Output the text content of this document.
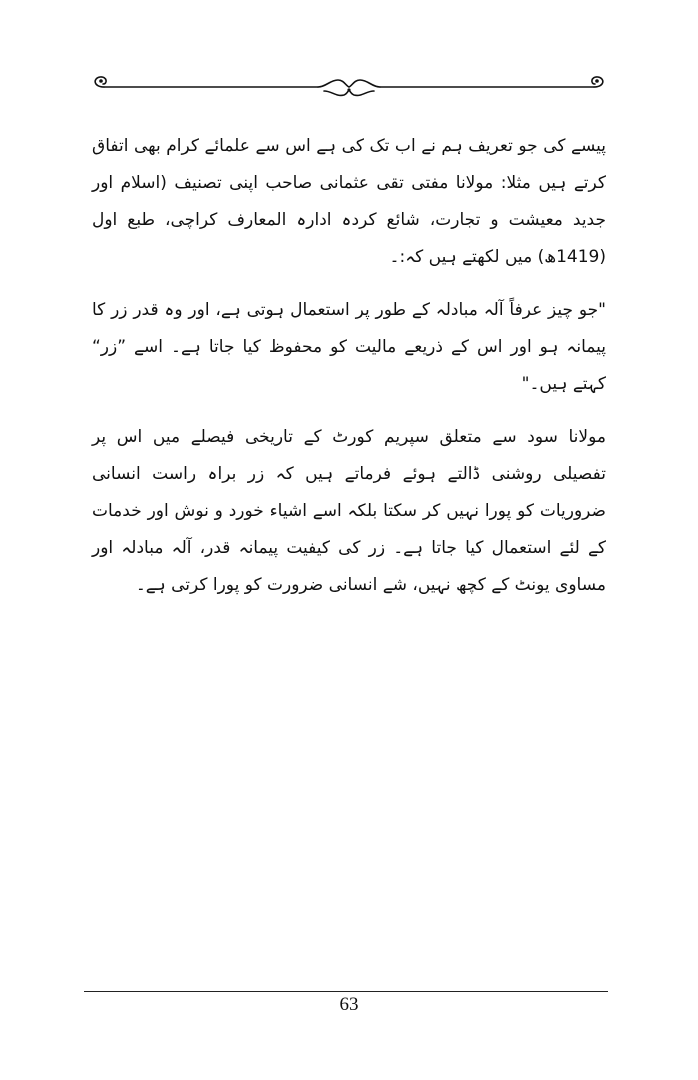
پیسے کی جو تعریف ہم نے اب تک کی ہے اس سے علمائے کرام بھی اتفاق کرتے ہیں مثلا: مولانا مفتی تقی عثمانی صاحب اپنی تصنیف (اسلام اور جدید معیشت و تجارت، شائع کردہ ادارہ المعارف کراچی، طبع اول (1419ھ) میں لکھتے ہیں کہ:۔

"جو چیز عرفاً آلہ مبادلہ کے طور پر استعمال ہوتی ہے، اور وہ قدر زر کا پیمانہ ہو اور اس کے ذریعے مالیت کو محفوظ کیا جاتا ہے۔ اسے ”زر“ کہتے ہیں۔"

مولانا سود سے متعلق سپریم کورٹ کے تاریخی فیصلے میں اس پر تفصیلی روشنی ڈالتے ہوئے فرماتے ہیں کہ زر براہ راست انسانی ضروریات کو پورا نہیں کر سکتا بلکہ اسے اشیاء خورد و نوش اور خدمات کے لئے استعمال کیا جاتا ہے۔ زر کی کیفیت پیمانہ قدر، آلہ مبادلہ اور مساوی یونٹ کے کچھ نہیں، شے انسانی ضرورت کو پورا کرتی ہے۔

63
